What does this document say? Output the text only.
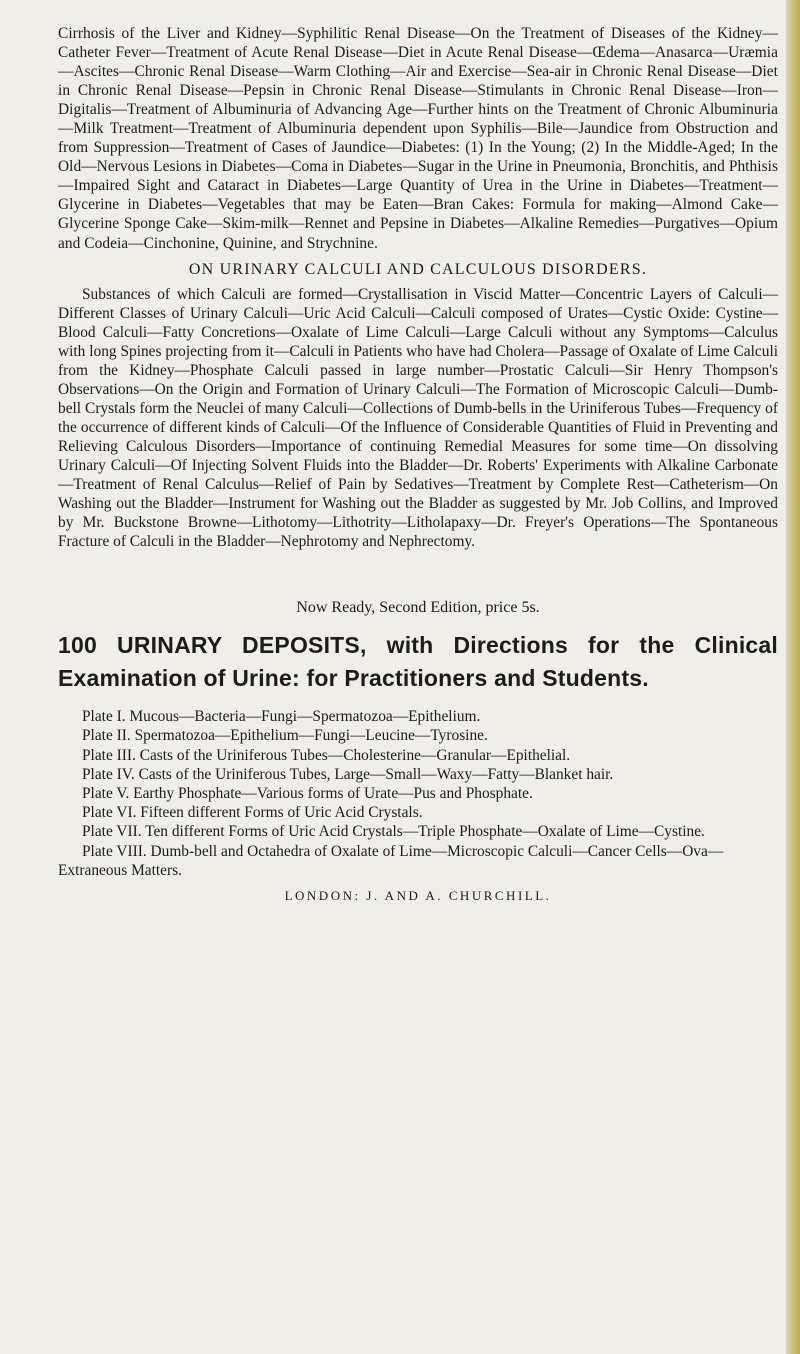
Cirrhosis of the Liver and Kidney—Syphilitic Renal Disease—On the Treatment of Diseases of the Kidney—Catheter Fever—Treatment of Acute Renal Disease—Diet in Acute Renal Disease—Œdema—Anasarca—Uræmia—Ascites—Chronic Renal Disease—Warm Clothing—Air and Exercise—Sea-air in Chronic Renal Disease—Diet in Chronic Renal Disease—Pepsin in Chronic Renal Disease—Stimulants in Chronic Renal Disease—Iron—Digitalis—Treatment of Albuminuria of Advancing Age—Further hints on the Treatment of Chronic Albuminuria—Milk Treatment—Treatment of Albuminuria dependent upon Syphilis—Bile—Jaundice from Obstruction and from Suppression—Treatment of Cases of Jaundice—Diabetes: (1) In the Young; (2) In the Middle-Aged; In the Old—Nervous Lesions in Diabetes—Coma in Diabetes—Sugar in the Urine in Pneumonia, Bronchitis, and Phthisis—Impaired Sight and Cataract in Diabetes—Large Quantity of Urea in the Urine in Diabetes—Treatment—Glycerine in Diabetes—Vegetables that may be Eaten—Bran Cakes: Formula for making—Almond Cake—Glycerine Sponge Cake—Skim-milk—Rennet and Pepsine in Diabetes—Alkaline Remedies—Purgatives—Opium and Codeia—Cinchonine, Quinine, and Strychnine.

ON URINARY CALCULI AND CALCULOUS DISORDERS.

Substances of which Calculi are formed—Crystallisation in Viscid Matter—Concentric Layers of Calculi—Different Classes of Urinary Calculi—Uric Acid Calculi—Calculi composed of Urates—Cystic Oxide: Cystine—Blood Calculi—Fatty Concretions—Oxalate of Lime Calculi—Large Calculi without any Symptoms—Calculus with long Spines projecting from it—Calculi in Patients who have had Cholera—Passage of Oxalate of Lime Calculi from the Kidney—Phosphate Calculi passed in large number—Prostatic Calculi—Sir Henry Thompson's Observations—On the Origin and Formation of Urinary Calculi—The Formation of Microscopic Calculi—Dumb-bell Crystals form the Neuclei of many Calculi—Collections of Dumb-bells in the Uriniferous Tubes—Frequency of the occurrence of different kinds of Calculi—Of the Influence of Considerable Quantities of Fluid in Preventing and Relieving Calculous Disorders—Importance of continuing Remedial Measures for some time—On dissolving Urinary Calculi—Of Injecting Solvent Fluids into the Bladder—Dr. Roberts' Experiments with Alkaline Carbonate—Treatment of Renal Calculus—Relief of Pain by Sedatives—Treatment by Complete Rest—Catheterism—On Washing out the Bladder—Instrument for Washing out the Bladder as suggested by Mr. Job Collins, and Improved by Mr. Buckstone Browne—Lithotomy—Lithotrity—Litholapaxy—Dr. Freyer's Operations—The Spontaneous Fracture of Calculi in the Bladder—Nephrotomy and Nephrectomy.

Now Ready, Second Edition, price 5s.

100 URINARY DEPOSITS, with Directions for the Clinical Examination of Urine: for Practitioners and Students.

Plate I. Mucous—Bacteria—Fungi—Spermatozoa—Epithelium.

Plate II. Spermatozoa—Epithelium—Fungi—Leucine—Tyrosine.

Plate III. Casts of the Uriniferous Tubes—Cholesterine—Granular—Epithelial.

Plate IV. Casts of the Uriniferous Tubes, Large—Small—Waxy—Fatty—Blanket hair.

Plate V. Earthy Phosphate—Various forms of Urate—Pus and Phosphate.

Plate VI. Fifteen different Forms of Uric Acid Crystals.

Plate VII. Ten different Forms of Uric Acid Crystals—Triple Phosphate—Oxalate of Lime—Cystine.

Plate VIII. Dumb-bell and Octahedra of Oxalate of Lime—Microscopic Calculi—Cancer Cells—Ova—Extraneous Matters.

LONDON: J. AND A. CHURCHILL.
